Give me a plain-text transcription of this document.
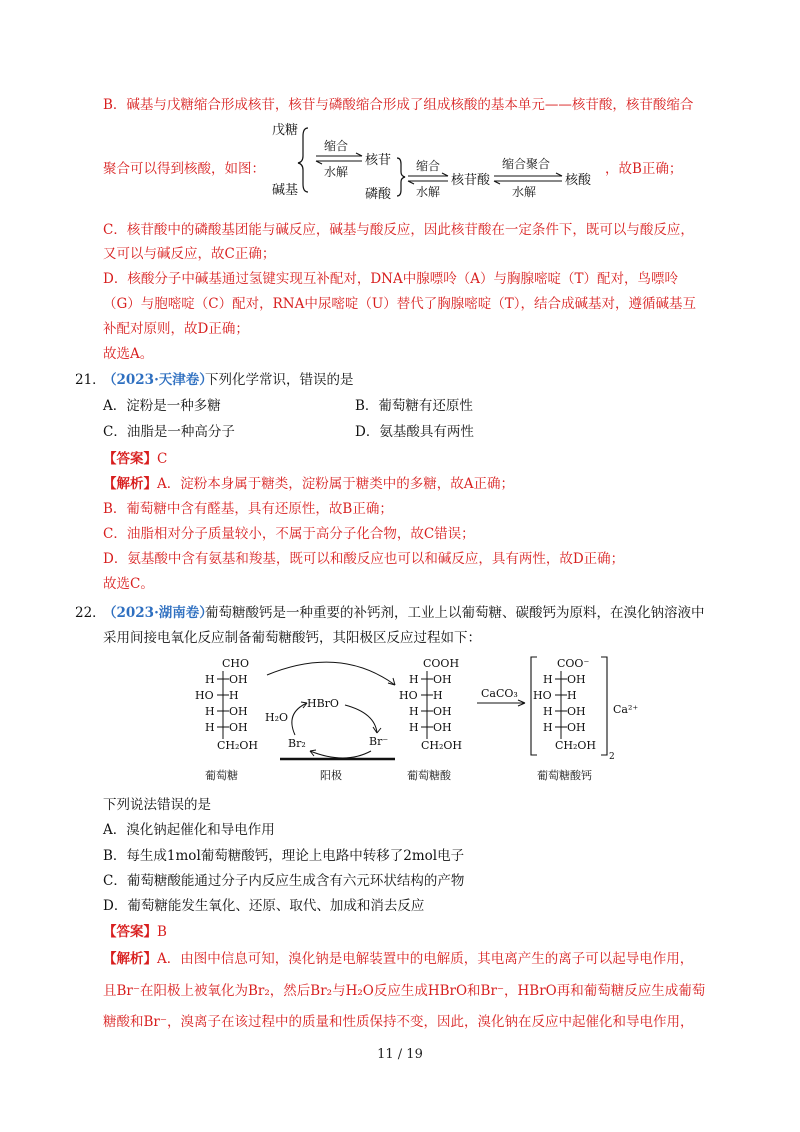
B．碱基与戊糖缩合形成核苷，核苷与磷酸缩合形成了组成核酸的基本单元——核苷酸，核苷酸缩合
聚合可以得到核酸，如图：
戊糖
碱基
缩合
水解
核苷
磷酸
缩合
水解
核苷酸
缩合聚合
水解
核酸
，故B正确；
C．核苷酸中的磷酸基团能与碱反应，碱基与酸反应，因此核苷酸在一定条件下，既可以与酸反应，
又可以与碱反应，故C正确；
D．核酸分子中碱基通过氢键实现互补配对，DNA中腺嘌呤（A）与胸腺嘧啶（T）配对，鸟嘌呤
（G）与胞嘧啶（C）配对，RNA中尿嘧啶（U）替代了胸腺嘧啶（T），结合成碱基对，遵循碱基互
补配对原则，故D正确；
故选A。
21．
（2023·天津卷）
下列化学常识，错误的是
A．淀粉是一种多糖	B．葡萄糖有还原性
C．油脂是一种高分子	D．氨基酸具有两性
【答案】C
【解析】A．淀粉本身属于糖类，淀粉属于糖类中的多糖，故A正确；
B．葡萄糖中含有醛基，具有还原性，故B正确；
C．油脂相对分子质量较小，不属于高分子化合物，故C错误；
D．氨基酸中含有氨基和羧基，既可以和酸反应也可以和碱反应，具有两性，故D正确；
故选C。
22．
（2023·湖南卷）
葡萄糖酸钙是一种重要的补钙剂，工业上以葡萄糖、碳酸钙为原料，在溴化钠溶液中
采用间接电氧化反应制备葡萄糖酸钙，其阳极区反应过程如下：
CHO
H OH
HO H
H OH
H OH
CH₂OH
葡萄糖
HBrO
H₂O
Br₂	Br⁻
阳极
COOH
H OH
HO H
H OH
H OH
CH₂OH
葡萄糖酸
CaCO₃
COO⁻
H OH
HO H
H OH
H OH
CH₂OH
2
Ca²⁺
葡萄糖酸钙
下列说法错误的是
A．溴化钠起催化和导电作用
B．每生成1mol葡萄糖酸钙，理论上电路中转移了2mol电子
C．葡萄糖酸能通过分子内反应生成含有六元环状结构的产物
D．葡萄糖能发生氧化、还原、取代、加成和消去反应
【答案】B
【解析】A．由图中信息可知，溴化钠是电解装置中的电解质，其电离产生的离子可以起导电作用，
且Br⁻在阳极上被氧化为Br₂，然后Br₂与H₂O反应生成HBrO和Br⁻，HBrO再和葡萄糖反应生成葡萄
糖酸和Br⁻，溴离子在该过程中的质量和性质保持不变，因此，溴化钠在反应中起催化和导电作用，
11 / 19
